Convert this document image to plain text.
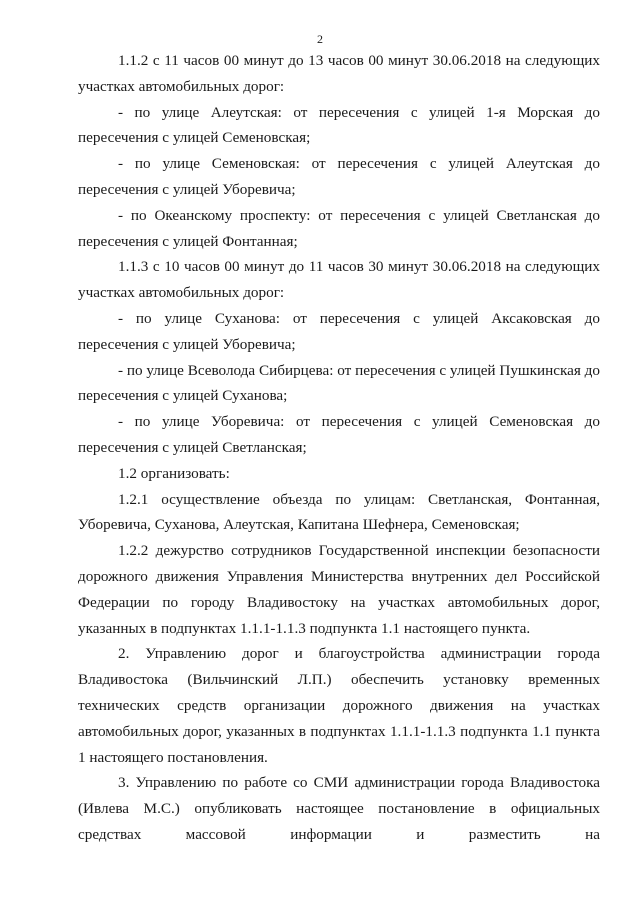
2

1.1.2 с 11 часов 00 минут до 13 часов 00 минут 30.06.2018 на следующих участках автомобильных дорог:

- по улице Алеутская: от пересечения с улицей 1-я Морская до пересечения с улицей Семеновская;

- по улице Семеновская: от пересечения с улицей Алеутская до пересечения с улицей Уборевича;

- по Океанскому проспекту: от пересечения с улицей Светланская до пересечения с улицей Фонтанная;

1.1.3 с 10 часов 00 минут до 11 часов 30 минут 30.06.2018 на следующих участках автомобильных дорог:

- по улице Суханова: от пересечения с улицей Аксаковская до пересечения с улицей Уборевича;

- по улице Всеволода Сибирцева: от пересечения с улицей Пушкинская до пересечения с улицей Суханова;

- по улице Уборевича: от пересечения с улицей Семеновская до пересечения с улицей Светланская;

1.2 организовать:

1.2.1 осуществление объезда по улицам: Светланская, Фонтанная, Уборевича, Суханова, Алеутская, Капитана Шефнера, Семеновская;

1.2.2 дежурство сотрудников Государственной инспекции безопасности дорожного движения Управления Министерства внутренних дел Российской Федерации по городу Владивостоку на участках автомобильных дорог, указанных в подпунктах 1.1.1-1.1.3 подпункта 1.1 настоящего пункта.

2. Управлению дорог и благоустройства администрации города Владивостока (Вильчинский Л.П.) обеспечить установку временных технических средств организации дорожного движения на участках автомобильных дорог, указанных в подпунктах 1.1.1-1.1.3 подпункта 1.1 пункта 1 настоящего постановления.

3. Управлению по работе со СМИ администрации города Владивостока (Ивлева М.С.) опубликовать настоящее постановление в официальных средствах массовой информации и разместить на
